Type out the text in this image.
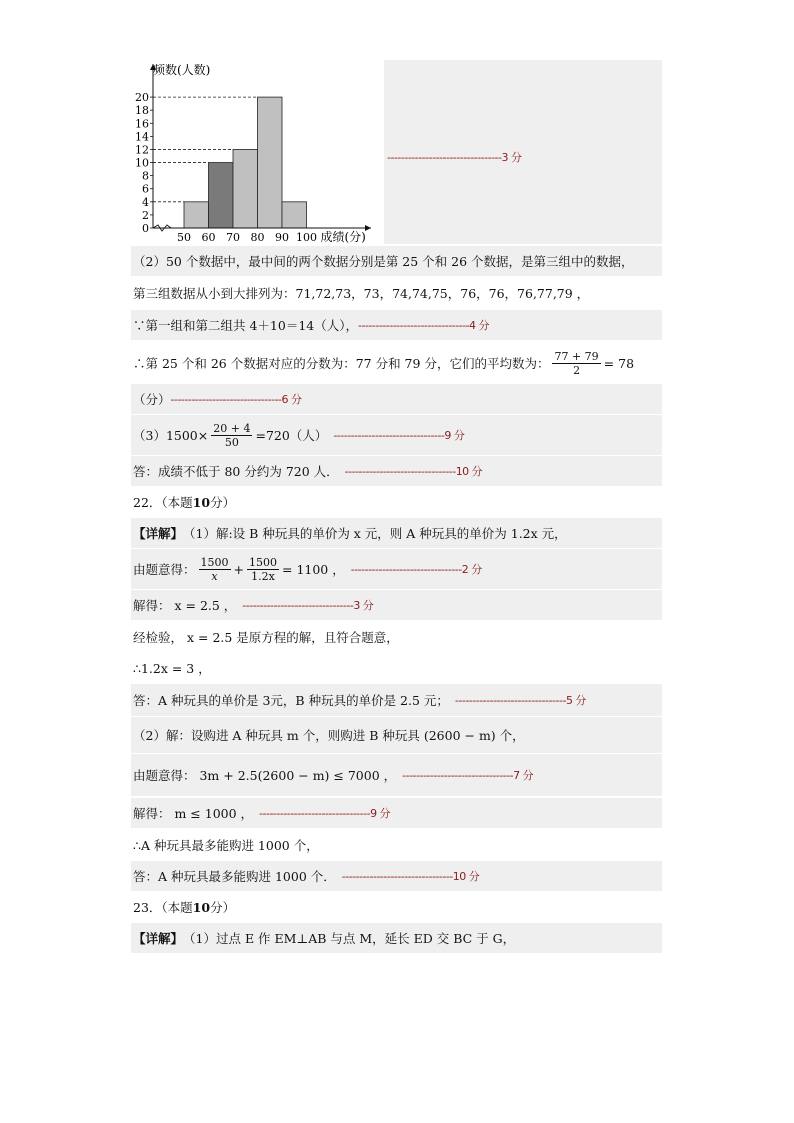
0
2
4
6
8
10
12
14
16
18
20
50 60 70 80 90 100
频数(人数)
成绩(分)
---------------------------------3 分
（2）50 个数据中，最中间的两个数据分别是第 25 个和 26 个数据，是第三组中的数据，
第三组数据从小到大排列为：71,72,73，73，74,74,75，76，76，76,77,79 ，
∵第一组和第二组共 4＋10＝14（人）， -------------------------------- 4 分
∴第 25 个和 26 个数据对应的分数为：77 分和 79 分，它们的平均数为： $\frac{77 + 79}{2} = 78$
（分） -------------------------------- 6 分
$(3)1500\times \frac{20 + 4}{50} =720$（人） -------------------------------- 9 分
答：成绩不低于 80 分约为 720 人． -------------------------------- 10 分
22．（本题 10 分）
【详解】 （1）解:设 B 种玩具的单价为 x 元，则 A 种玩具的单价为 1.2x 元，
由题意得： $\frac{1500}{x} + \frac{1500}{1.2x} = 1100$ ， -------------------------------- 2 分
解得： x = 2.5 ， -------------------------------- 3 分
经检验， x = 2.5 是原方程的解，且符合题意，
∴1.2x = 3 ，
答：A 种玩具的单价是 3元，B 种玩具的单价是 2.5 元； -------------------------------- 5 分
（2）解：设购进 A 种玩具 m 个，则购进 B 种玩具 (2600 − m) 个，
由题意得： 3m + 2.5(2600 − m) ≤ 7000 ， -------------------------------- 7 分
解得： m ≤ 1000 ， -------------------------------- 9 分
∴A 种玩具最多能购进 1000 个，
答：A 种玩具最多能购进 1000 个． -------------------------------- 10 分
23．（本题 10 分）
【详解】 （1）过点 E 作 EM⊥AB 与点 M，延长 ED 交 BC 于 G，
